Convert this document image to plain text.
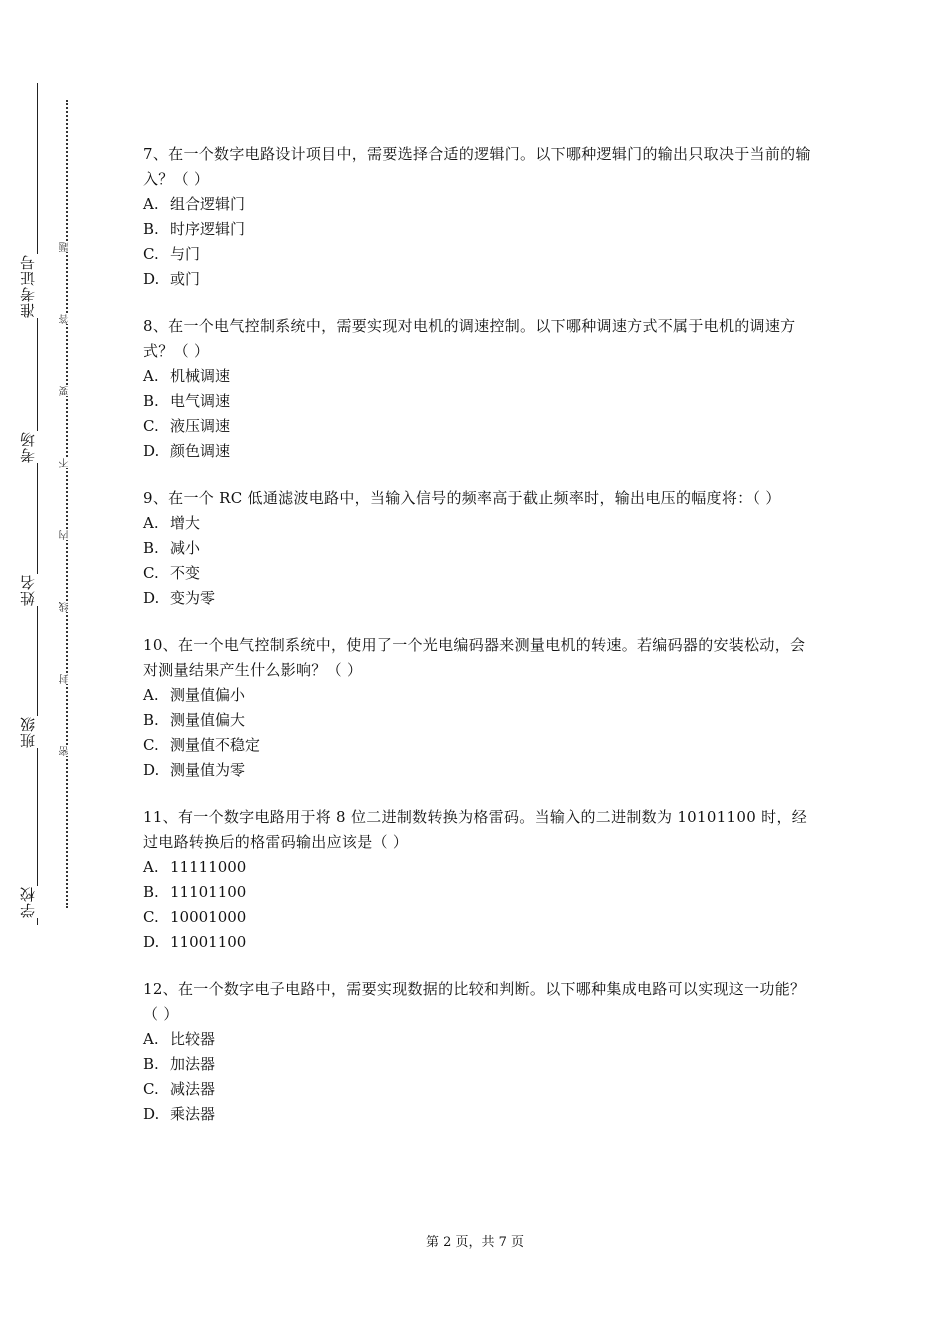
准考证号
考场
姓名
班级
学校
题
答
要
不
内
线
封
密

7、在一个数字电路设计项目中，需要选择合适的逻辑门。以下哪种逻辑门的输出只取决于当前的输入？（ ）

A. 组合逻辑门
B. 时序逻辑门
C. 与门
D. 或门

8、在一个电气控制系统中，需要实现对电机的调速控制。以下哪种调速方式不属于电机的调速方式？（ ）

A. 机械调速
B. 电气调速
C. 液压调速
D. 颜色调速

9、在一个 RC 低通滤波电路中，当输入信号的频率高于截止频率时，输出电压的幅度将：（ ）

A. 增大
B. 减小
C. 不变
D. 变为零

10、在一个电气控制系统中，使用了一个光电编码器来测量电机的转速。若编码器的安装松动，会对测量结果产生什么影响？（ ）

A. 测量值偏小
B. 测量值偏大
C. 测量值不稳定
D. 测量值为零

11、有一个数字电路用于将 8 位二进制数转换为格雷码。当输入的二进制数为 10101100 时，经过电路转换后的格雷码输出应该是（ ）

A. 11111000
B. 11101100
C. 10001000
D. 11001100

12、在一个数字电子电路中，需要实现数据的比较和判断。以下哪种集成电路可以实现这一功能？（ ）

A. 比较器
B. 加法器
C. 减法器
D. 乘法器
第 2 页，共 7 页
